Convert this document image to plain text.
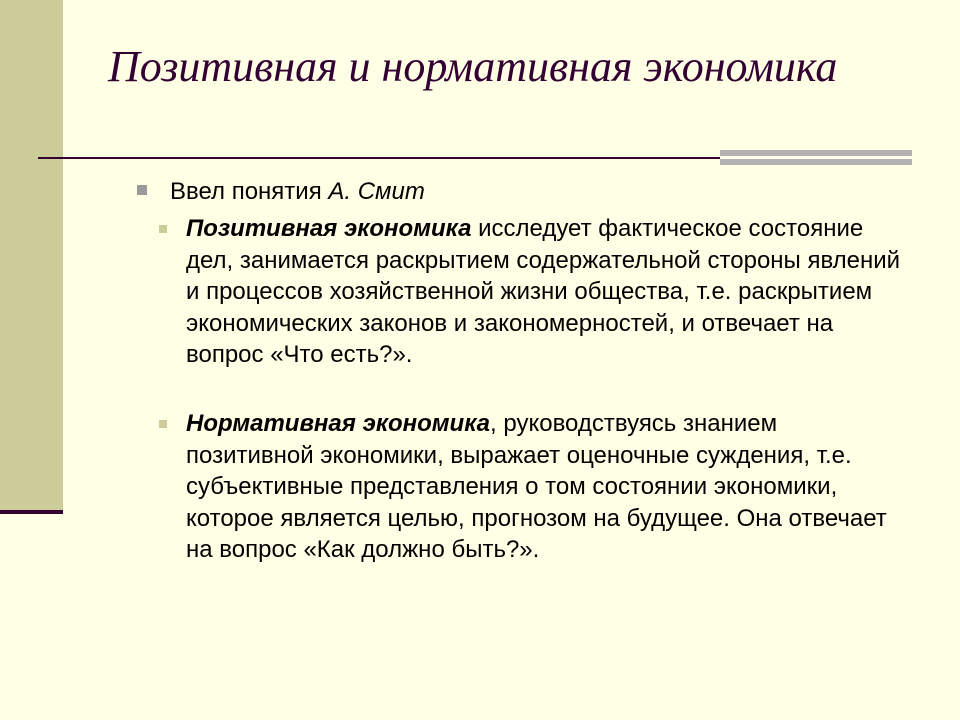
Позитивная и нормативная экономика
Ввел понятия А. Смит
Позитивная экономика исследует фактическое состояние дел, занимается раскрытием содержательной стороны явлений и процессов хозяйственной жизни общества, т.е. раскрытием экономических законов и закономерностей, и отвечает на вопрос «Что есть?».
Нормативная экономика, руководствуясь знанием позитивной экономики, выражает оценочные суждения, т.е. субъективные представления о том состоянии экономики, которое является целью, прогнозом на будущее. Она отвечает на вопрос «Как должно быть?».
